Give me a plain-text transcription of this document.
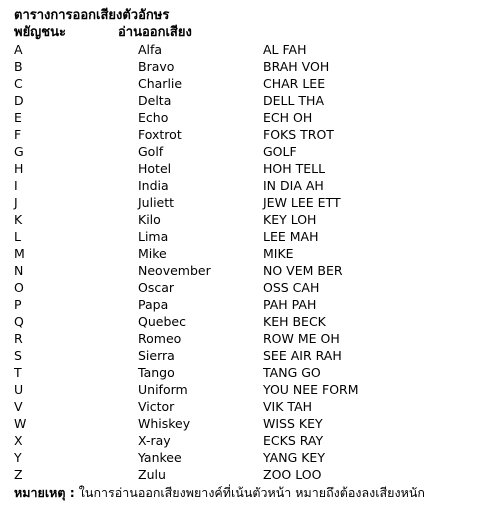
ตารางการออกเสียงตัวอักษร
พยัญชนะ	อ่านออกเสียง
A	Alfa	AL FAH
B	Bravo	BRAH VOH
C	Charlie	CHAR LEE
D	Delta	DELL THA
E	Echo	ECH OH
F	Foxtrot	FOKS TROT
G	Golf	GOLF
H	Hotel	HOH TELL
I	India	IN DIA AH
J	Juliett	JEW LEE ETT
K	Kilo	KEY LOH
L	Lima	LEE MAH
M	Mike	MIKE
N	Neovember	NO VEM BER
O	Oscar	OSS CAH
P	Papa	PAH PAH
Q	Quebec	KEH BECK
R	Romeo	ROW ME OH
S	Sierra	SEE AIR RAH
T	Tango	TANG GO
U	Uniform	YOU NEE FORM
V	Victor	VIK TAH
W	Whiskey	WISS KEY
X	X-ray	ECKS RAY
Y	Yankee	YANG KEY
Z	Zulu	ZOO LOO
หมายเหตุ : ในการอ่านออกเสียงพยางค์ที่เน้นตัวหน้า หมายถึงต้องลงเสียงหนัก
